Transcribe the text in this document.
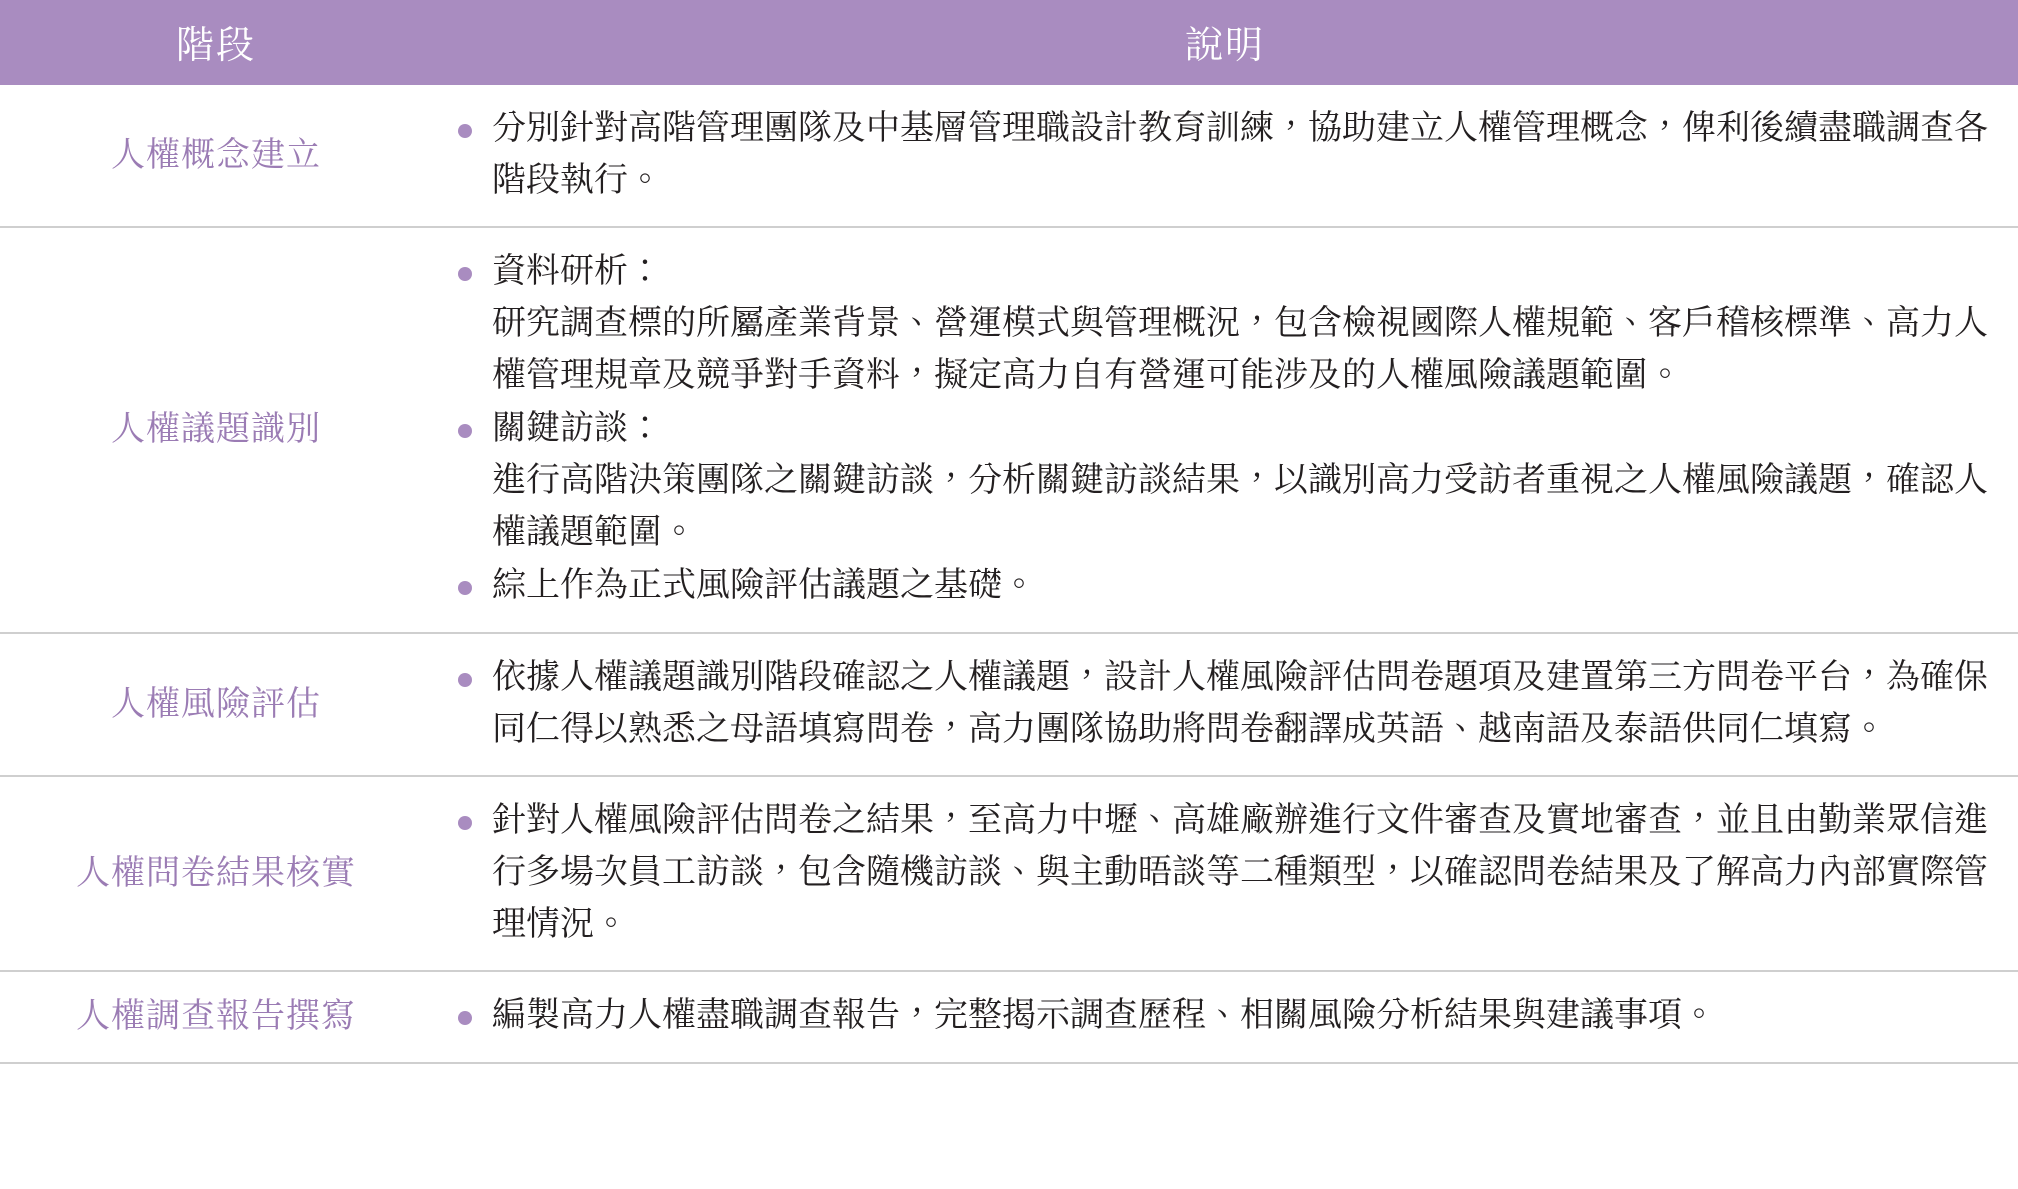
階段	說明
人權概念建立	
分別針對高階管理團隊及中基層管理職設計教育訓練，協助建立人權管理概念，俾利後續盡職調查各階段執行。

人權議題識別	
資料研析：
研究調查標的所屬產業背景、營運模式與管理概況，包含檢視國際人權規範、客戶稽核標準、高力人權管理規章及競爭對手資料，擬定高力自有營運可能涉及的人權風險議題範圍。
關鍵訪談：
進行高階決策團隊之關鍵訪談，分析關鍵訪談結果，以識別高力受訪者重視之人權風險議題，確認人權議題範圍。
綜上作為正式風險評估議題之基礎。

人權風險評估	
依據人權議題識別階段確認之人權議題，設計人權風險評估問卷題項及建置第三方問卷平台，為確保同仁得以熟悉之母語填寫問卷，高力團隊協助將問卷翻譯成英語、越南語及泰語供同仁填寫。

人權問卷結果核實	
針對人權風險評估問卷之結果，至高力中壢、高雄廠辦進行文件審查及實地審查，並且由勤業眾信進行多場次員工訪談，包含隨機訪談、與主動晤談等二種類型，以確認問卷結果及了解高力內部實際管理情況。

人權調查報告撰寫	編製高力人權盡職調查報告，完整揭示調查歷程、相關風險分析結果與建議事項。
